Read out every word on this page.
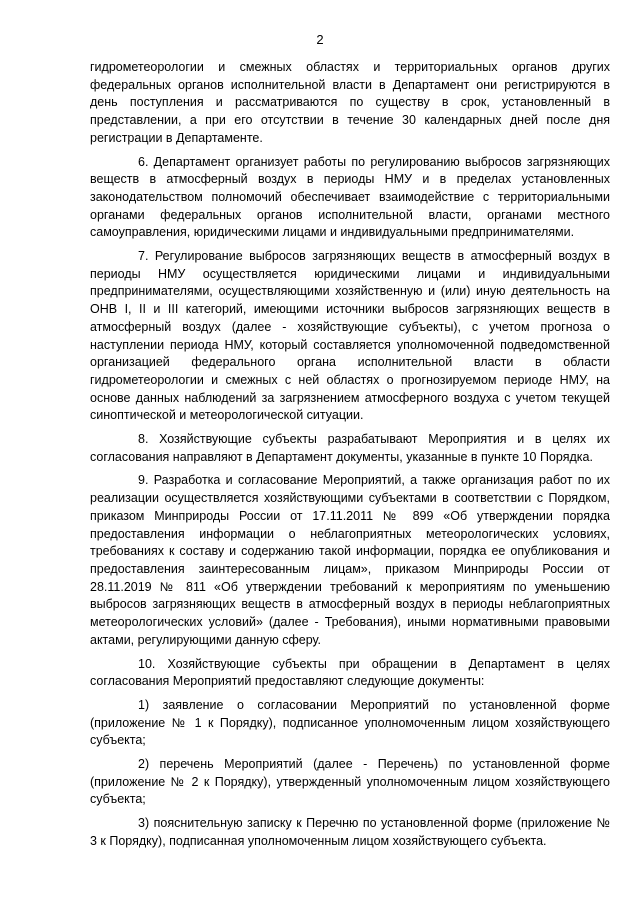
2

гидрометеорологии и смежных областях и территориальных органов других федеральных органов исполнительной власти в Департамент они регистрируются в день поступления и рассматриваются по существу в срок, установленный в представлении, а при его отсутствии в течение 30 календарных дней после дня регистрации в Департаменте.

6. Департамент организует работы по регулированию выбросов загрязняющих веществ в атмосферный воздух в периоды НМУ и в пределах установленных законодательством полномочий обеспечивает взаимодействие с территориальными органами федеральных органов исполнительной власти, органами местного самоуправления, юридическими лицами и индивидуальными предпринимателями.

7. Регулирование выбросов загрязняющих веществ в атмосферный воздух в периоды НМУ осуществляется юридическими лицами и индивидуальными предпринимателями, осуществляющими хозяйственную и (или) иную деятельность на ОНВ I, II и III категорий, имеющими источники выбросов загрязняющих веществ в атмосферный воздух (далее - хозяйствующие субъекты), с учетом прогноза о наступлении периода НМУ, который составляется уполномоченной подведомственной организацией федерального органа исполнительной власти в области гидрометеорологии и смежных с ней областях о прогнозируемом периоде НМУ, на основе данных наблюдений за загрязнением атмосферного воздуха с учетом текущей синоптической и метеорологической ситуации.

8. Хозяйствующие субъекты разрабатывают Мероприятия и в целях их согласования направляют в Департамент документы, указанные в пункте 10 Порядка.

9. Разработка и согласование Мероприятий, а также организация работ по их реализации осуществляется хозяйствующими субъектами в соответствии с Порядком, приказом Минприроды России от 17.11.2011 № 899 «Об утверждении порядка предоставления информации о неблагоприятных метеорологических условиях, требованиях к составу и содержанию такой информации, порядка ее опубликования и предоставления заинтересованным лицам», приказом Минприроды России от 28.11.2019 № 811 «Об утверждении требований к мероприятиям по уменьшению выбросов загрязняющих веществ в атмосферный воздух в периоды неблагоприятных метеорологических условий» (далее - Требования), иными нормативными правовыми актами, регулирующими данную сферу.

10. Хозяйствующие субъекты при обращении в Департамент в целях согласования Мероприятий предоставляют следующие документы:

1) заявление о согласовании Мероприятий по установленной форме (приложение № 1 к Порядку), подписанное уполномоченным лицом хозяйствующего субъекта;

2) перечень Мероприятий (далее - Перечень) по установленной форме (приложение № 2 к Порядку), утвержденный уполномоченным лицом хозяйствующего субъекта;

3) пояснительную записку к Перечню по установленной форме (приложение № 3 к Порядку), подписанная уполномоченным лицом хозяйствующего субъекта.
